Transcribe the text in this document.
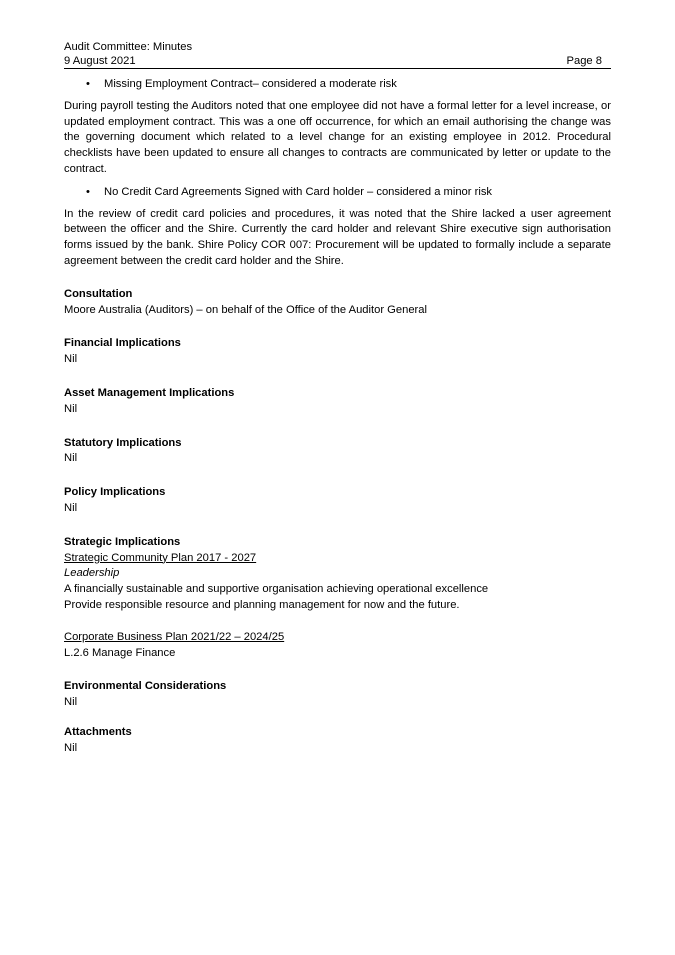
Audit Committee: Minutes
9 August 2021	Page 8
• Missing Employment Contract– considered a moderate risk

During payroll testing the Auditors noted that one employee did not have a formal letter for a level increase, or updated employment contract. This was a one off occurrence, for which an email authorising the change was the governing document which related to a level change for an existing employee in 2012. Procedural checklists have been updated to ensure all changes to contracts are communicated by letter or update to the contract.

• No Credit Card Agreements Signed with Card holder – considered a minor risk

In the review of credit card policies and procedures, it was noted that the Shire lacked a user agreement between the officer and the Shire. Currently the card holder and relevant Shire executive sign authorisation forms issued by the bank. Shire Policy COR 007: Procurement will be updated to formally include a separate agreement between the credit card holder and the Shire.

Consultation

Moore Australia (Auditors) – on behalf of the Office of the Auditor General

Financial Implications

Nil

Asset Management Implications

Nil

Statutory Implications

Nil

Policy Implications

Nil

Strategic Implications

Strategic Community Plan 2017 - 2027

Leadership

A financially sustainable and supportive organisation achieving operational excellence

Provide responsible resource and planning management for now and the future.

Corporate Business Plan 2021/22 – 2024/25

L.2.6 Manage Finance

Environmental Considerations

Nil

Attachments

Nil
